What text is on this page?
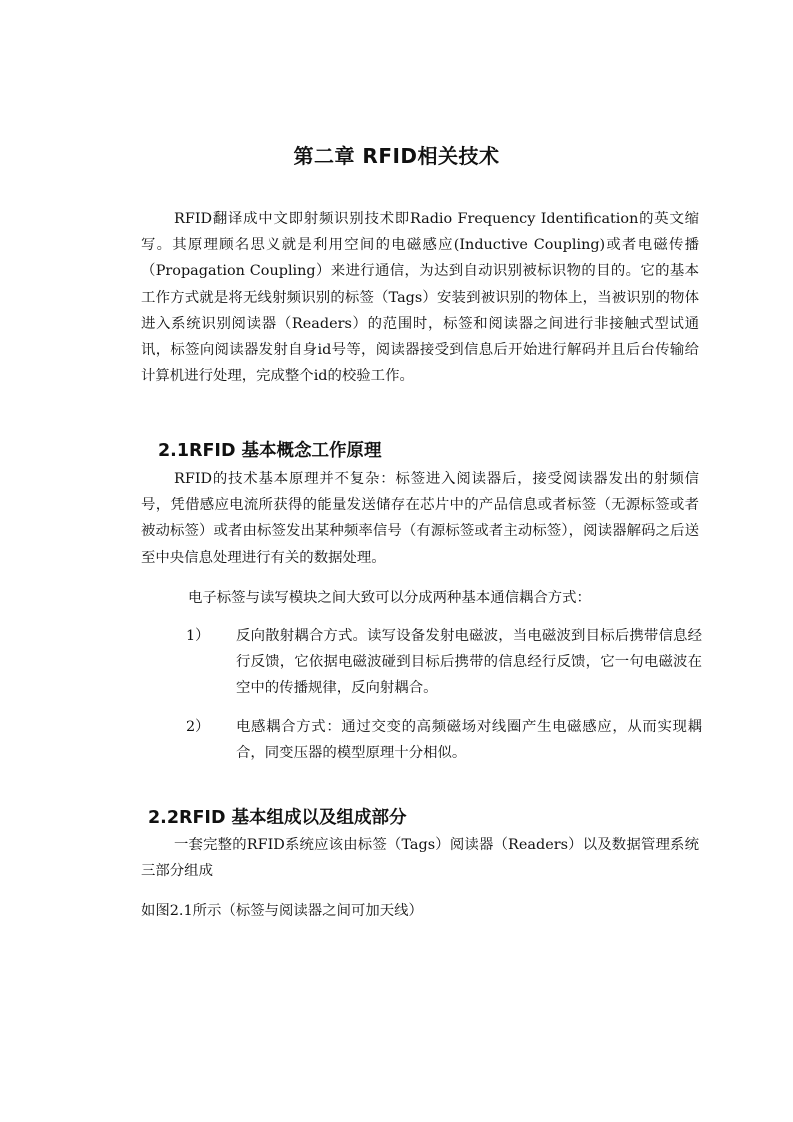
第二章 RFID相关技术

RFID翻译成中文即射频识别技术即Radio Frequency Identification的英文缩写。其原理顾名思义就是利用空间的电磁感应(Inductive Coupling)或者电磁传播（Propagation Coupling）来进行通信，为达到自动识别被标识物的目的。它的基本工作方式就是将无线射频识别的标签（Tags）安装到被识别的物体上，当被识别的物体进入系统识别阅读器（Readers）的范围时，标签和阅读器之间进行非接触式型试通讯，标签向阅读器发射自身id号等，阅读器接受到信息后开始进行解码并且后台传输给计算机进行处理，完成整个id的校验工作。

2.1RFID 基本概念工作原理

RFID的技术基本原理并不复杂：标签进入阅读器后，接受阅读器发出的射频信号，凭借感应电流所获得的能量发送储存在芯片中的产品信息或者标签（无源标签或者被动标签）或者由标签发出某种频率信号（有源标签或者主动标签），阅读器解码之后送至中央信息处理进行有关的数据处理。

电子标签与读写模块之间大致可以分成两种基本通信耦合方式：

1）	反向散射耦合方式。读写设备发射电磁波，当电磁波到目标后携带信息经行反馈，它依据电磁波碰到目标后携带的信息经行反馈，它一句电磁波在空中的传播规律，反向射耦合。
2）	电感耦合方式：通过交变的高频磁场对线圈产生电磁感应，从而实现耦合，同变压器的模型原理十分相似。
2.2RFID 基本组成以及组成部分

一套完整的RFID系统应该由标签（Tags）阅读器（Readers）以及数据管理系统三部分组成

如图2.1所示（标签与阅读器之间可加天线）
